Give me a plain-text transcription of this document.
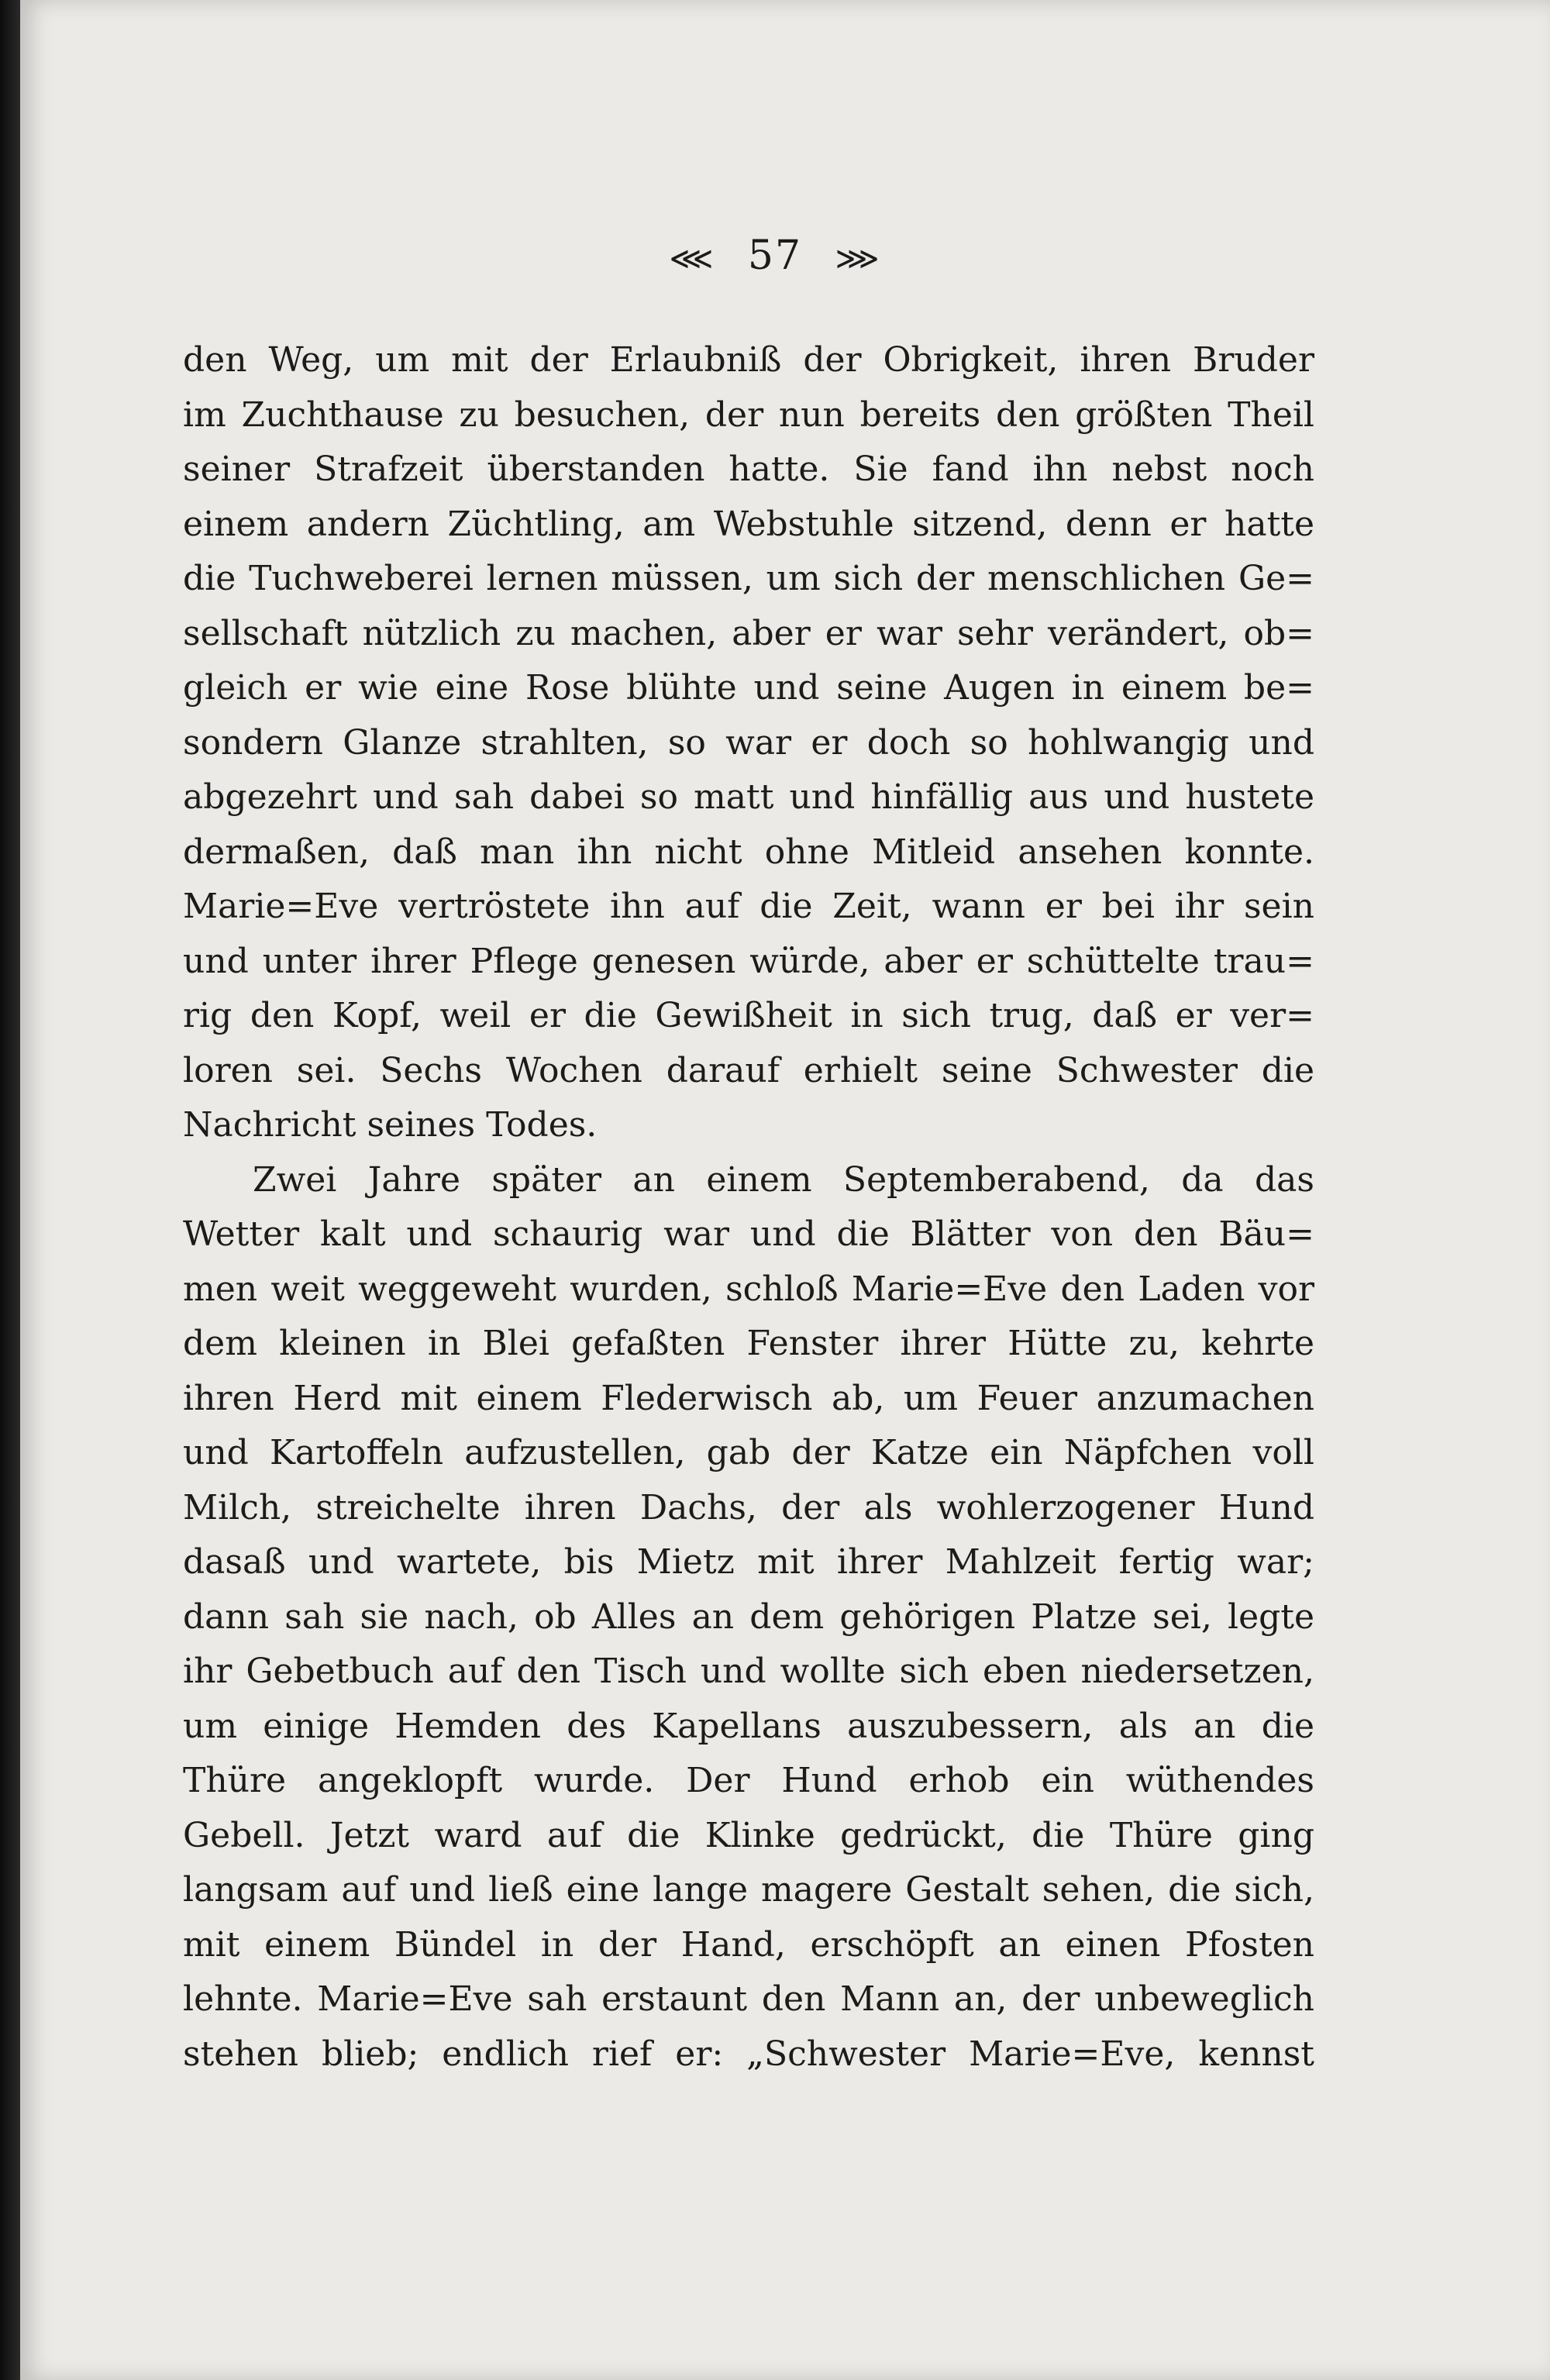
⋘ 57 ⋙
den Weg, um mit der Erlaubniß der Obrigkeit, ihren Bruder
im Zuchthause zu besuchen, der nun bereits den größten Theil
seiner Strafzeit überstanden hatte. Sie fand ihn nebst noch
einem andern Züchtling, am Webstuhle sitzend, denn er hatte
die Tuchweberei lernen müssen, um sich der menschlichen Ge=
sellschaft nützlich zu machen, aber er war sehr verändert, ob=
gleich er wie eine Rose blühte und seine Augen in einem be=
sondern Glanze strahlten, so war er doch so hohlwangig und
abgezehrt und sah dabei so matt und hinfällig aus und hustete
dermaßen, daß man ihn nicht ohne Mitleid ansehen konnte.
Marie=Eve vertröstete ihn auf die Zeit, wann er bei ihr sein
und unter ihrer Pflege genesen würde, aber er schüttelte trau=
rig den Kopf, weil er die Gewißheit in sich trug, daß er ver=
loren sei. Sechs Wochen darauf erhielt seine Schwester die
Nachricht seines Todes.
Zwei Jahre später an einem Septemberabend, da das
Wetter kalt und schaurig war und die Blätter von den Bäu=
men weit weggeweht wurden, schloß Marie=Eve den Laden vor
dem kleinen in Blei gefaßten Fenster ihrer Hütte zu, kehrte
ihren Herd mit einem Flederwisch ab, um Feuer anzumachen
und Kartoffeln aufzustellen, gab der Katze ein Näpfchen voll
Milch, streichelte ihren Dachs, der als wohlerzogener Hund
dasaß und wartete, bis Mietz mit ihrer Mahlzeit fertig war;
dann sah sie nach, ob Alles an dem gehörigen Platze sei, legte
ihr Gebetbuch auf den Tisch und wollte sich eben niedersetzen,
um einige Hemden des Kapellans auszubessern, als an die
Thüre angeklopft wurde. Der Hund erhob ein wüthendes
Gebell. Jetzt ward auf die Klinke gedrückt, die Thüre ging
langsam auf und ließ eine lange magere Gestalt sehen, die sich,
mit einem Bündel in der Hand, erschöpft an einen Pfosten
lehnte. Marie=Eve sah erstaunt den Mann an, der unbeweglich
stehen blieb; endlich rief er: „Schwester Marie=Eve, kennst
